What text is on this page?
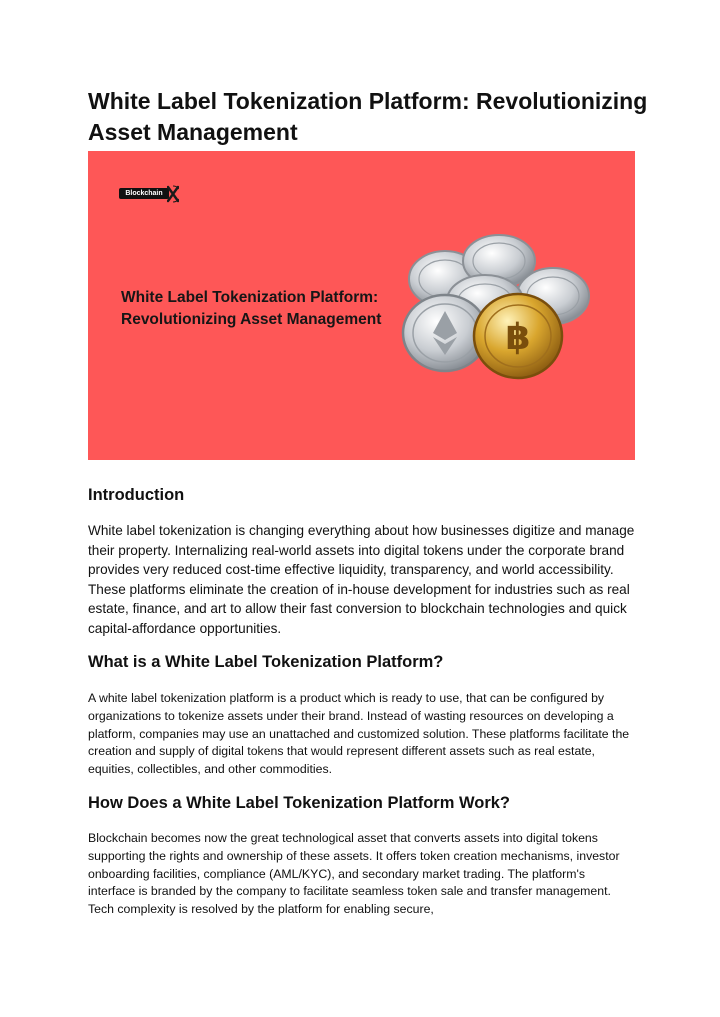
White Label Tokenization Platform: Revolutionizing Asset Management
Blockchain
White Label Tokenization Platform:
Revolutionizing Asset Management	฿
Introduction

White label tokenization is changing everything about how businesses digitize and manage their property. Internalizing real-world assets into digital tokens under the corporate brand provides very reduced cost-time effective liquidity, transparency, and world accessibility. These platforms eliminate the creation of in-house development for industries such as real estate, finance, and art to allow their fast conversion to blockchain technologies and quick capital-affordance opportunities.

What is a White Label Tokenization Platform?

A white label tokenization platform is a product which is ready to use, that can be configured by organizations to tokenize assets under their brand. Instead of wasting resources on developing a platform, companies may use an unattached and customized solution. These platforms facilitate the creation and supply of digital tokens that would represent different assets such as real estate, equities, collectibles, and other commodities.

How Does a White Label Tokenization Platform Work?

Blockchain becomes now the great technological asset that converts assets into digital tokens supporting the rights and ownership of these assets. It offers token creation mechanisms, investor onboarding facilities, compliance (AML/KYC), and secondary market trading. The platform's interface is branded by the company to facilitate seamless token sale and transfer management. Tech complexity is resolved by the platform for enabling secure,
